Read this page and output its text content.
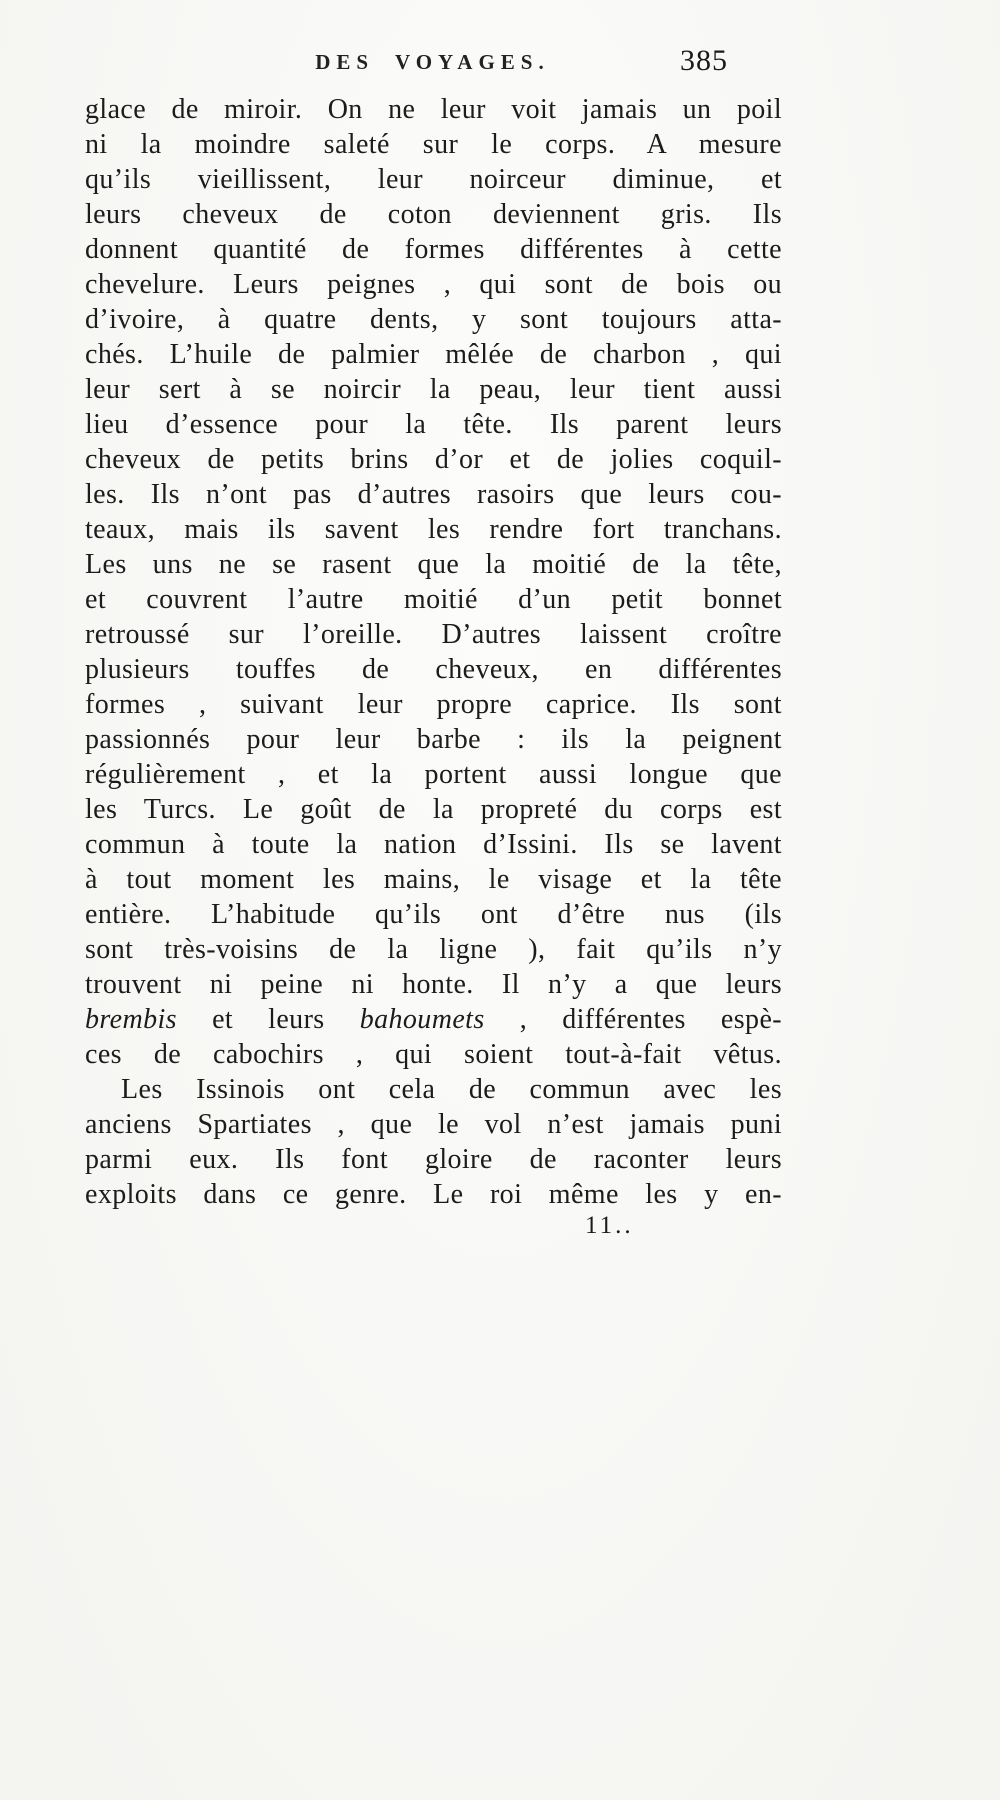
DES VOYAGES.	385
glace de miroir. On ne leur voit jamais un poil
ni la moindre saleté sur le corps. A mesure
qu’ils vieillissent, leur noirceur diminue, et
leurs cheveux de coton deviennent gris. Ils
donnent quantité de formes différentes à cette
chevelure. Leurs peignes , qui sont de bois ou
d’ivoire, à quatre dents, y sont toujours atta-
chés. L’huile de palmier mêlée de charbon , qui
leur sert à se noircir la peau, leur tient aussi
lieu d’essence pour la tête. Ils parent leurs
cheveux de petits brins d’or et de jolies coquil-
les. Ils n’ont pas d’autres rasoirs que leurs cou-
teaux, mais ils savent les rendre fort tranchans.
Les uns ne se rasent que la moitié de la tête,
et couvrent l’autre moitié d’un petit bonnet
retroussé sur l’oreille. D’autres laissent croître
plusieurs touffes de cheveux, en différentes
formes , suivant leur propre caprice. Ils sont
passionnés pour leur barbe : ils la peignent
régulièrement , et la portent aussi longue que
les Turcs. Le goût de la propreté du corps est
commun à toute la nation d’Issini. Ils se lavent
à tout moment les mains, le visage et la tête
entière. L’habitude qu’ils ont d’être nus (ils
sont très-voisins de la ligne ), fait qu’ils n’y
trouvent ni peine ni honte. Il n’y a que leurs
brembis et leurs bahoumets , différentes espè-
ces de cabochirs , qui soient tout-à-fait vêtus.
Les Issinois ont cela de commun avec les
anciens Spartiates , que le vol n’est jamais puni
parmi eux. Ils font gloire de raconter leurs
exploits dans ce genre. Le roi même les y en-
11..
